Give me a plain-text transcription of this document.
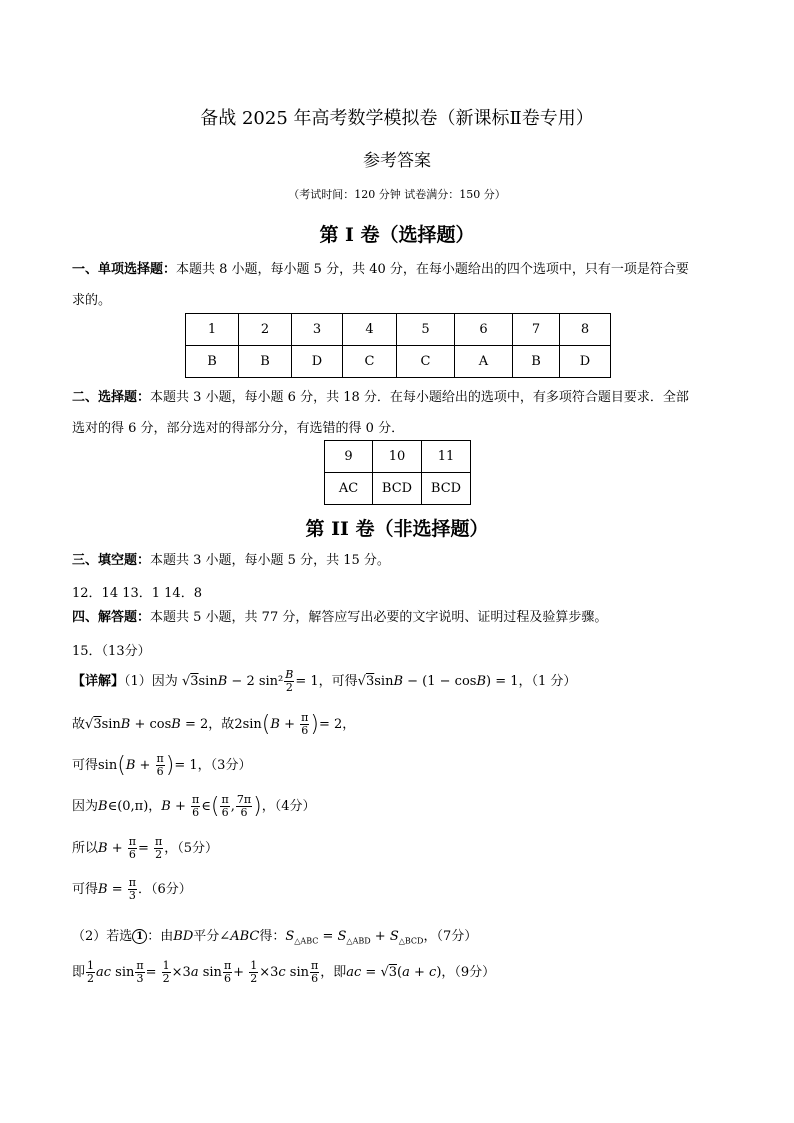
备战 2025 年高考数学模拟卷（新课标Ⅱ卷专用）
参考答案
（考试时间：120 分钟 试卷满分：150 分）
第 I 卷（选择题）
一、单项选择题：本题共 8 小题，每小题 5 分，共 40 分，在每小题给出的四个选项中，只有一项是符合要
求的。
1	2	3	4	5	6	7	8
B	B	D	C	C	A	B	D
二、选择题：本题共 3 小题，每小题 6 分，共 18 分．在每小题给出的选项中，有多项符合题目要求．全部
选对的得 6 分，部分选对的得部分分，有选错的得 0 分．
9	10	11
AC	BCD	BCD
第 II 卷（非选择题）
三、填空题：本题共 3 小题，每小题 5 分，共 15 分。
12．14 13．1 14．8
四、解答题：本题共 5 小题，共 77 分，解答应写出必要的文字说明、证明过程及验算步骤。
15．（13分）
【详解】（1）因为 √3sinB − 2 $\sin^2 \frac{B}{2} = 1$，可得√3sinB − (1 − cosB) = 1，（1 分）
故√3sinB + cosB = 2，故$2\sin(B + \frac{\pi}{6}$ )= 2，
可得$\sin(B + \frac{\pi}{6}$ )= 1，（3分）
因为B∈(0,π)，$B + \frac{\pi}{6}$ ∈( $\frac{\pi}{6}$ , $\frac{7\pi}{6}$ )，（4分）
所以$B + \frac{\pi}{6} = \frac{\pi}{2}$ ，（5分）
可得$B = \frac{\pi}{3}$ ．（6分）
（2）若选 1 ：由BD平分∠ABC得：$S_{\triangle ABC} = S_{\triangle ABD} + S_{\triangle BCD}$，（7分）
即 $\frac{1}{2}$ ac $\sin \frac{\pi}{3} = \frac{1}{2} \times 3a$ $\sin \frac{\pi}{6} + \frac{1}{2} \times 3c$ $\sin \frac{\pi}{6}$ ，即ac = √3(a + c)，（9分）
